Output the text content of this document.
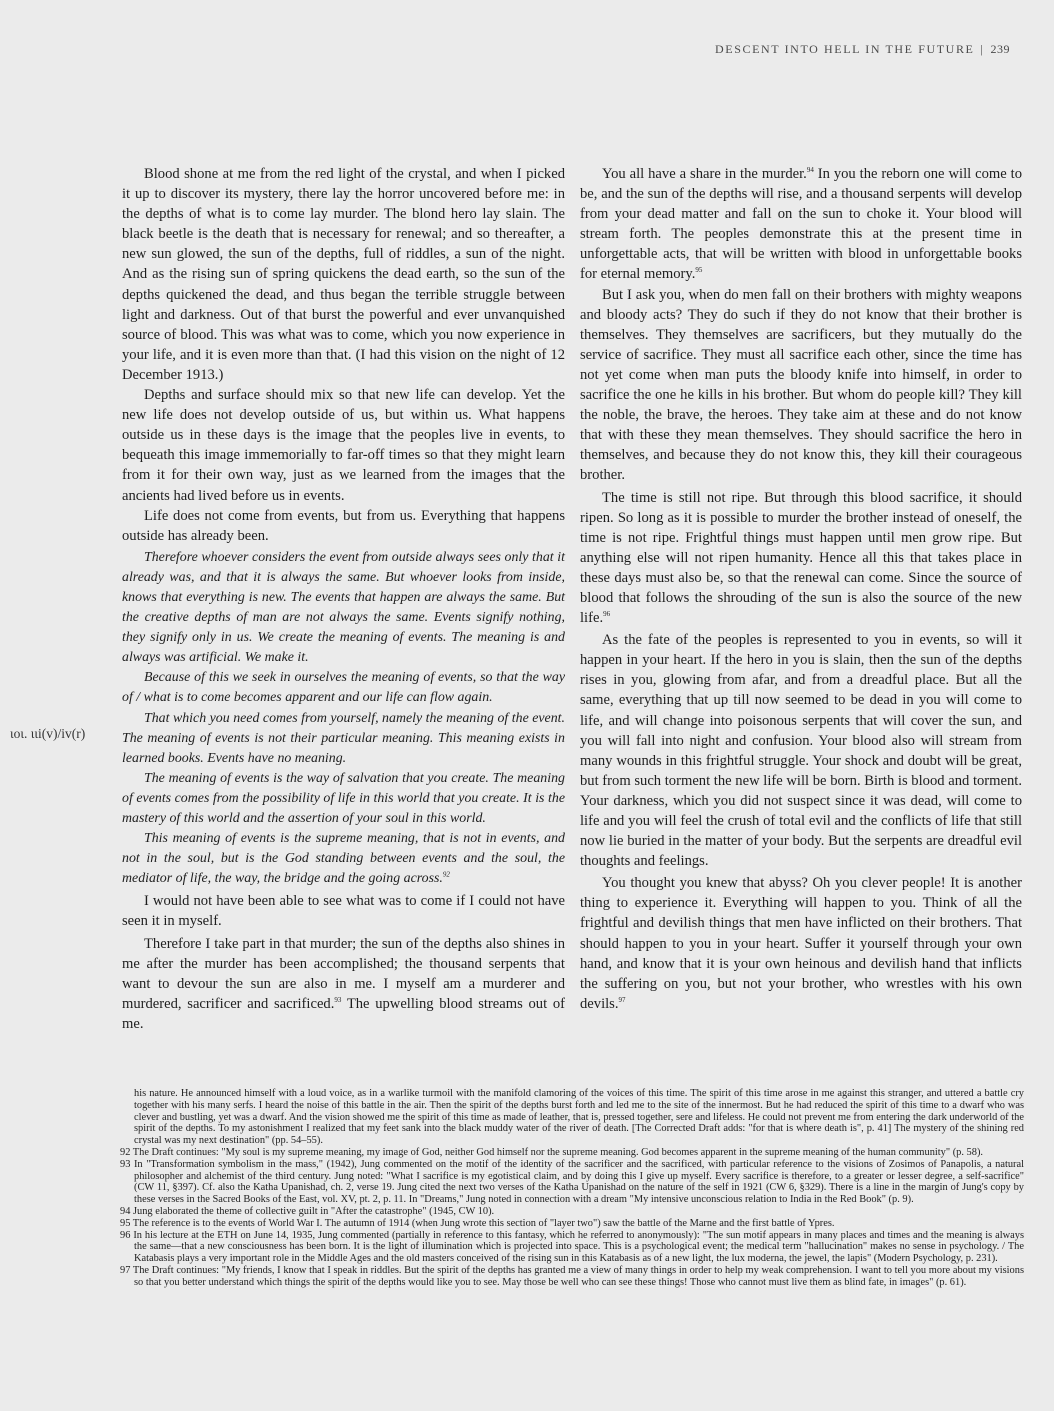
DESCENT INTO HELL IN THE FUTURE | 239
ιοι. ιιi(v)/iv(r)

Blood shone at me from the red light of the crystal, and when I picked it up to discover its mystery, there lay the horror uncovered before me: in the depths of what is to come lay murder. The blond hero lay slain. The black beetle is the death that is necessary for renewal; and so thereafter, a new sun glowed, the sun of the depths, full of riddles, a sun of the night. And as the rising sun of spring quickens the dead earth, so the sun of the depths quickened the dead, and thus began the terrible struggle between light and darkness. Out of that burst the powerful and ever unvanquished source of blood. This was what was to come, which you now experience in your life, and it is even more than that. (I had this vision on the night of 12 December 1913.)

Depths and surface should mix so that new life can develop. Yet the new life does not develop outside of us, but within us. What happens outside us in these days is the image that the peoples live in events, to bequeath this image immemorially to far-off times so that they might learn from it for their own way, just as we learned from the images that the ancients had lived before us in events.

Life does not come from events, but from us. Everything that happens outside has already been.

Therefore whoever considers the event from outside always sees only that it already was, and that it is always the same. But whoever looks from inside, knows that everything is new. The events that happen are always the same. But the creative depths of man are not always the same. Events signify nothing, they signify only in us. We create the meaning of events. The meaning is and always was artificial. We make it.

Because of this we seek in ourselves the meaning of events, so that the way of / what is to come becomes apparent and our life can flow again.

That which you need comes from yourself, namely the meaning of the event. The meaning of events is not their particular meaning. This meaning exists in learned books. Events have no meaning.

The meaning of events is the way of salvation that you create. The meaning of events comes from the possibility of life in this world that you create. It is the mastery of this world and the assertion of your soul in this world.

This meaning of events is the supreme meaning, that is not in events, and not in the soul, but is the God standing between events and the soul, the mediator of life, the way, the bridge and the going across.$^{92}$

I would not have been able to see what was to come if I could not have seen it in myself.

Therefore I take part in that murder; the sun of the depths also shines in me after the murder has been accomplished; the thousand serpents that want to devour the sun are also in me. I myself am a murderer and murdered, sacrificer and sacrificed.$^{93}$ The upwelling blood streams out of me.

You all have a share in the murder.$^{94}$ In you the reborn one will come to be, and the sun of the depths will rise, and a thousand serpents will develop from your dead matter and fall on the sun to choke it. Your blood will stream forth. The peoples demonstrate this at the present time in unforgettable acts, that will be written with blood in unforgettable books for eternal memory.$^{95}$

But I ask you, when do men fall on their brothers with mighty weapons and bloody acts? They do such if they do not know that their brother is themselves. They themselves are sacrificers, but they mutually do the service of sacrifice. They must all sacrifice each other, since the time has not yet come when man puts the bloody knife into himself, in order to sacrifice the one he kills in his brother. But whom do people kill? They kill the noble, the brave, the heroes. They take aim at these and do not know that with these they mean themselves. They should sacrifice the hero in themselves, and because they do not know this, they kill their courageous brother.

The time is still not ripe. But through this blood sacrifice, it should ripen. So long as it is possible to murder the brother instead of oneself, the time is not ripe. Frightful things must happen until men grow ripe. But anything else will not ripen humanity. Hence all this that takes place in these days must also be, so that the renewal can come. Since the source of blood that follows the shrouding of the sun is also the source of the new life.$^{96}$

As the fate of the peoples is represented to you in events, so will it happen in your heart. If the hero in you is slain, then the sun of the depths rises in you, glowing from afar, and from a dreadful place. But all the same, everything that up till now seemed to be dead in you will come to life, and will change into poisonous serpents that will cover the sun, and you will fall into night and confusion. Your blood also will stream from many wounds in this frightful struggle. Your shock and doubt will be great, but from such torment the new life will be born. Birth is blood and torment. Your darkness, which you did not suspect since it was dead, will come to life and you will feel the crush of total evil and the conflicts of life that still now lie buried in the matter of your body. But the serpents are dreadful evil thoughts and feelings.

You thought you knew that abyss? Oh you clever people! It is another thing to experience it. Everything will happen to you. Think of all the frightful and devilish things that men have inflicted on their brothers. That should happen to you in your heart. Suffer it yourself through your own hand, and know that it is your own heinous and devilish hand that inflicts the suffering on you, but not your brother, who wrestles with his own devils.$^{97}$

his nature. He announced himself with a loud voice, as in a warlike turmoil with the manifold clamoring of the voices of this time. The spirit of this time arose in me against this stranger, and uttered a battle cry together with his many serfs. I heard the noise of this battle in the air. Then the spirit of the depths burst forth and led me to the site of the innermost. But he had reduced the spirit of this time to a dwarf who was clever and bustling, yet was a dwarf. And the vision showed me the spirit of this time as made of leather, that is, pressed together, sere and lifeless. He could not prevent me from entering the dark underworld of the spirit of the depths. To my astonishment I realized that my feet sank into the black muddy water of the river of death. [The Corrected Draft adds: "for that is where death is", p. 41] The mystery of the shining red crystal was my next destination" (pp. 54–55).

92 The Draft continues: "My soul is my supreme meaning, my image of God, neither God himself nor the supreme meaning. God becomes apparent in the supreme meaning of the human community" (p. 58).

93 In "Transformation symbolism in the mass," (1942), Jung commented on the motif of the identity of the sacrificer and the sacrificed, with particular reference to the visions of Zosimos of Panapolis, a natural philosopher and alchemist of the third century. Jung noted: "What I sacrifice is my egotistical claim, and by doing this I give up myself. Every sacrifice is therefore, to a greater or lesser degree, a self-sacrifice" (CW 11, §397). Cf. also the Katha Upanishad, ch. 2, verse 19. Jung cited the next two verses of the Katha Upanishad on the nature of the self in 1921 (CW 6, §329). There is a line in the margin of Jung's copy by these verses in the Sacred Books of the East, vol. XV, pt. 2, p. 11. In "Dreams," Jung noted in connection with a dream "My intensive unconscious relation to India in the Red Book" (p. 9).

94 Jung elaborated the theme of collective guilt in "After the catastrophe" (1945, CW 10).

95 The reference is to the events of World War I. The autumn of 1914 (when Jung wrote this section of "layer two") saw the battle of the Marne and the first battle of Ypres.

96 In his lecture at the ETH on June 14, 1935, Jung commented (partially in reference to this fantasy, which he referred to anonymously): "The sun motif appears in many places and times and the meaning is always the same—that a new consciousness has been born. It is the light of illumination which is projected into space. This is a psychological event; the medical term "hallucination" makes no sense in psychology. / The Katabasis plays a very important role in the Middle Ages and the old masters conceived of the rising sun in this Katabasis as of a new light, the lux moderna, the jewel, the lapis" (Modern Psychology, p. 231).

97 The Draft continues: "My friends, I know that I speak in riddles. But the spirit of the depths has granted me a view of many things in order to help my weak comprehension. I want to tell you more about my visions so that you better understand which things the spirit of the depths would like you to see. May those be well who can see these things! Those who cannot must live them as blind fate, in images" (p. 61).
